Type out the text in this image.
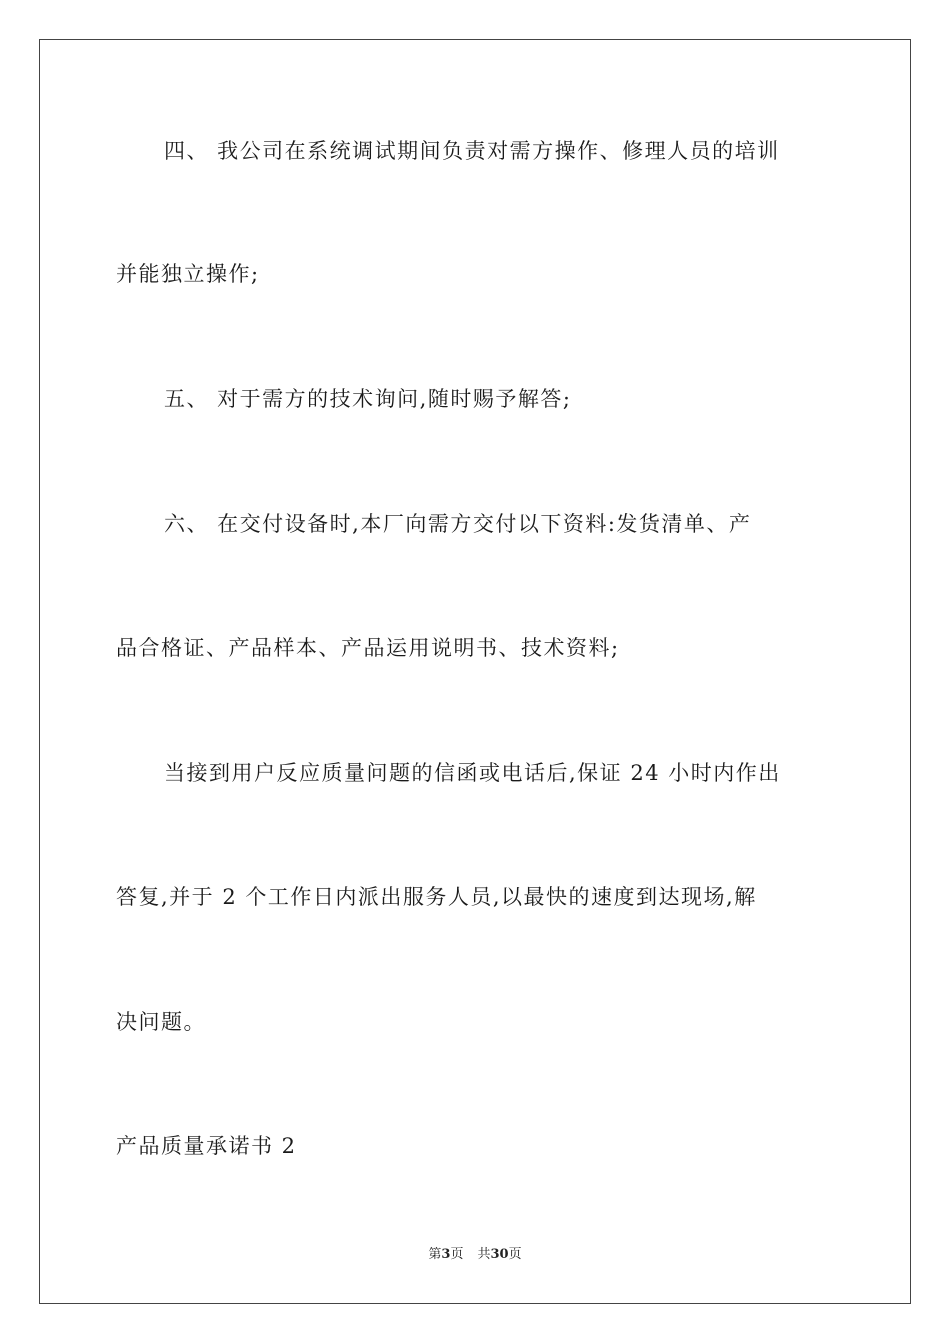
四、 我公司在系统调试期间负责对需方操作、修理人员的培训
并能独立操作;
五、 对于需方的技术询问,随时赐予解答;
六、 在交付设备时,本厂向需方交付以下资料:发货清单、产
品合格证、产品样本、产品运用说明书、技术资料;
当接到用户反应质量问题的信函或电话后,保证 24 小时内作出
答复,并于 2 个工作日内派出服务人员,以最快的速度到达现场,解
决问题。
产品质量承诺书 2
第3页 共30页
